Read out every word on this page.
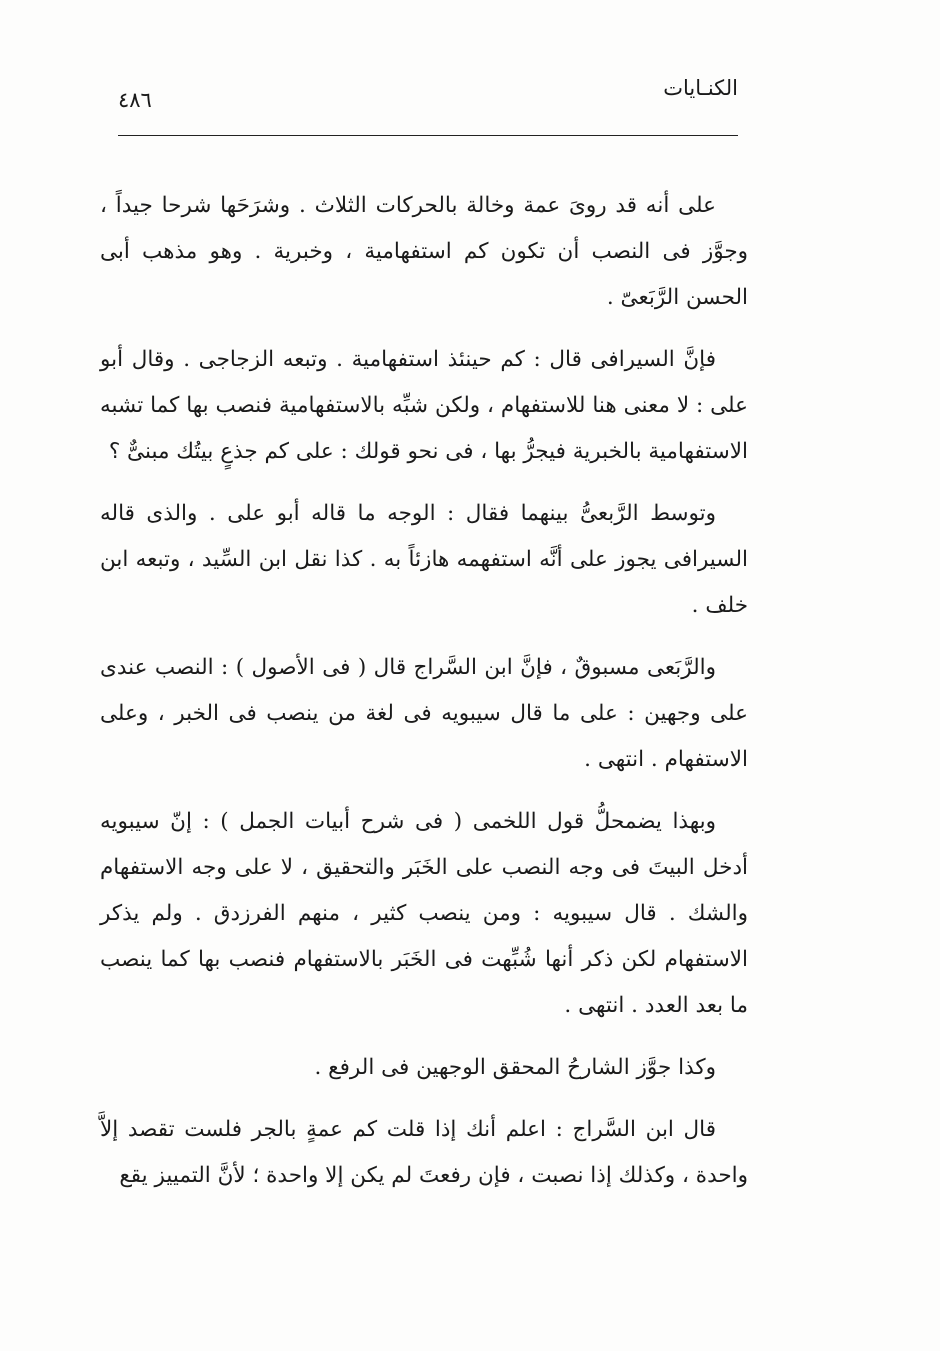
الكنـايات
٤٨٦

على أنه قد روىَ عمة وخالة بالحركات الثلاث . وشرَحَها شرحا جيداً ، وجوَّز فى النصب أن تكون كم استفهامية ، وخبرية . وهو مذهب أبى الحسن الرَّبَعىّ .

فإنَّ السيرافى قال : كم حينئذ استفهامية . وتبعه الزجاجى . وقال أبو على : لا معنى هنا للاستفهام ، ولكن شبِّه بالاستفهامية فنصب بها كما تشبه الاستفهامية بالخبرية فيجرُّ بها ، فى نحو قولك : على كم جذعٍ بيتُك مبنىٌّ ؟

وتوسط الرَّبعىُّ بينهما فقال : الوجه ما قاله أبو على . والذى قاله السيرافى يجوز على أنَّه استفهمه هازئاً به . كذا نقل ابن السِّيد ، وتبعه ابن خلف .

والرَّبَعى مسبوقٌ ، فإنَّ ابن السَّراج قال ( فى الأصول ) : النصب عندى على وجهين : على ما قال سيبويه فى لغة من ينصب فى الخبر ، وعلى الاستفهام . انتهى .

وبهذا يضمحلُّ قول اللخمى ( فى شرح أبيات الجمل ) : إنّ سيبويه أدخل البيتَ فى وجه النصب على الخَبَر والتحقيق ، لا على وجه الاستفهام والشك . قال سيبويه : ومن ينصب كثير ، منهم الفرزدق . ولم يذكر الاستفهام لكن ذكر أنها شُبِّهت فى الخَبَر بالاستفهام فنصب بها كما ينصب ما بعد العدد . انتهى .

وكذا جوَّز الشارحُ المحقق الوجهين فى الرفع .

قال ابن السَّراج : اعلم أنك إذا قلت كم عمةٍ بالجر فلست تقصد إلاَّ واحدة ، وكذلك إذا نصبت ، فإن رفعتَ لم يكن إلا واحدة ؛ لأنَّ التمييز يقع
